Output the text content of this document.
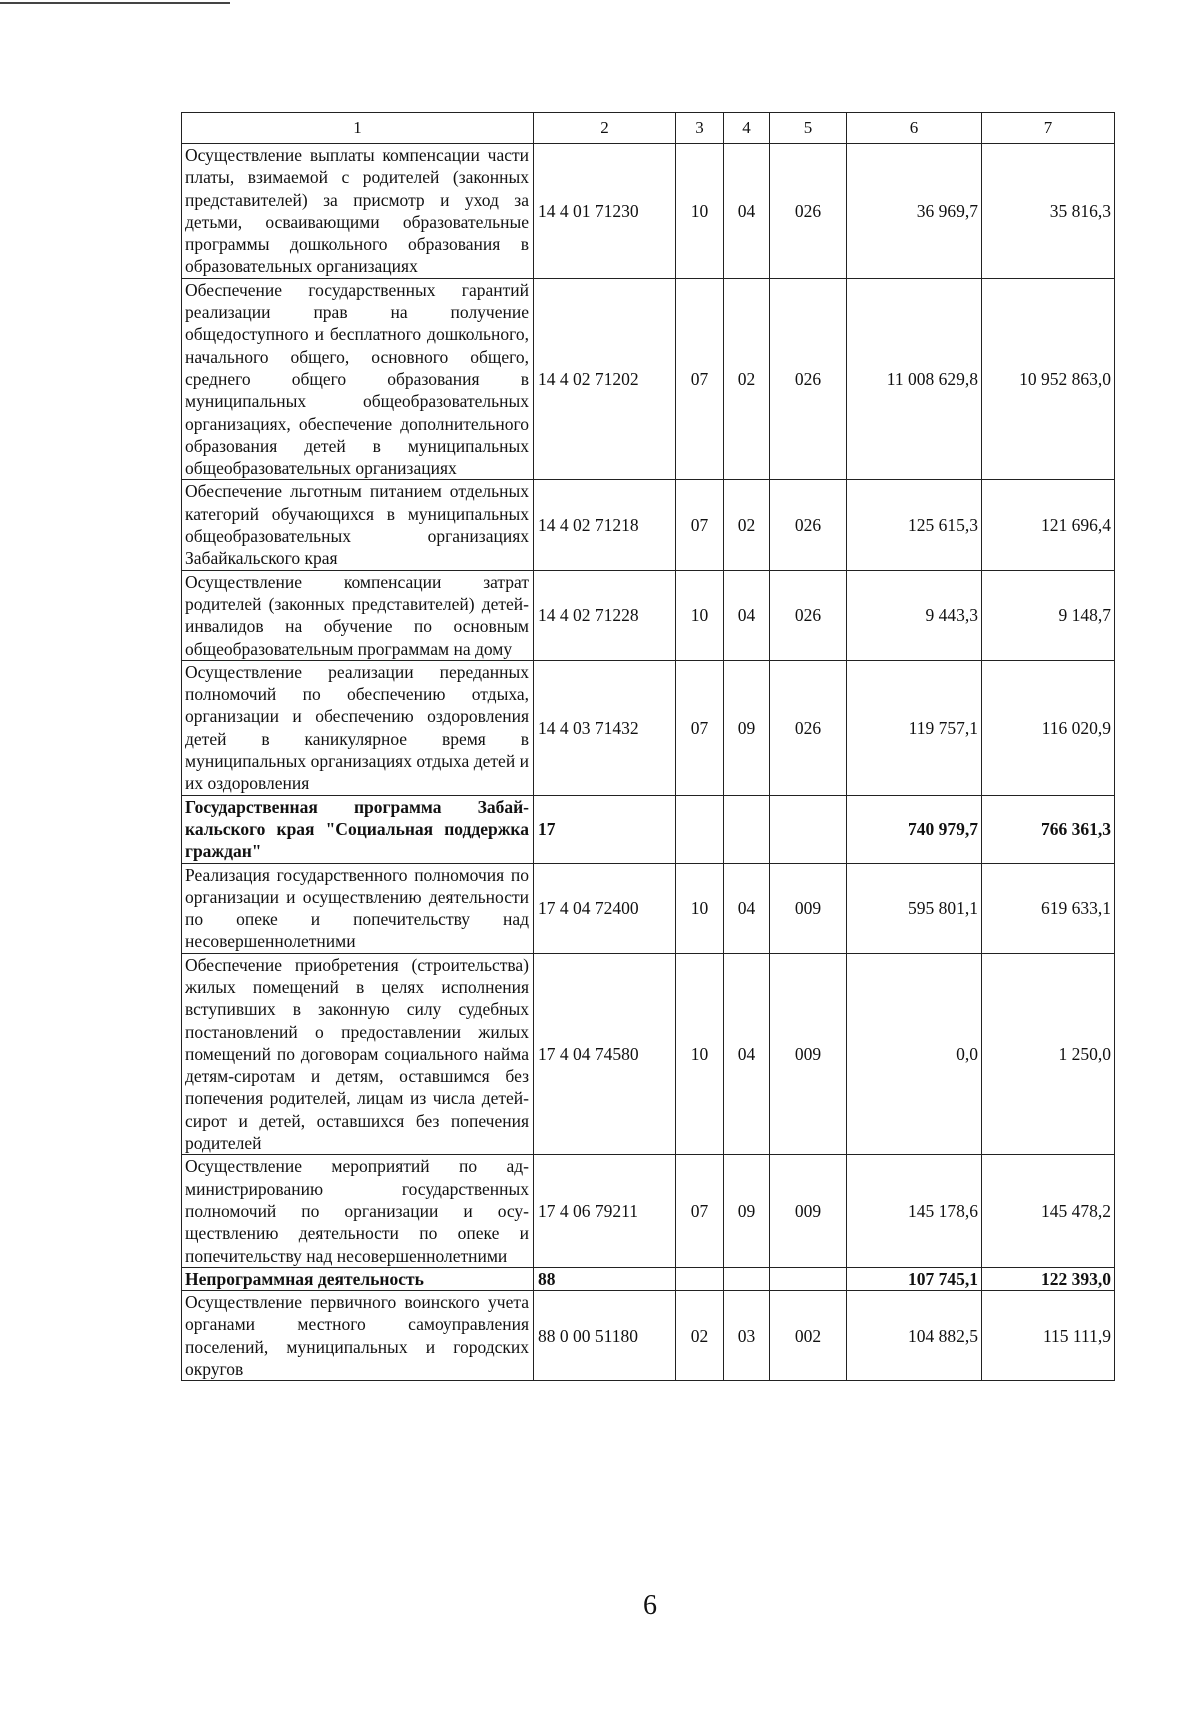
1	2	3	4	5	6	7
Осуществление выплаты компенсации части платы, взимаемой с родителей (законных представителей) за присмотр и уход за детьми, осваивающими образовательные программы дошкольного образования в образовательных организациях	14 4 01 71230	10	04	026	36 969,7	35 816,3
Обеспечение государственных гарантий реализации прав на получение общедоступного и бесплатного дошкольного, начального общего, основного общего, среднего общего образования в муниципальных общеобразовательных организациях, обеспечение дополнительного образования детей в муниципальных общеобразовательных организациях	14 4 02 71202	07	02	026	11 008 629,8	10 952 863,0
Обеспечение льготным питанием отдельных категорий обучающихся в муниципальных общеобразовательных организациях Забайкальского края	14 4 02 71218	07	02	026	125 615,3	121 696,4
Осуществление компенсации затрат родителей (законных представителей) детей-инвалидов на обучение по основным общеобразовательным программам на дому	14 4 02 71228	10	04	026	9 443,3	9 148,7
Осуществление реализации переданных полномочий по обеспечению отдыха, организации и обеспечению оздоровления детей в каникулярное время в муниципальных организациях отдыха детей и их оздоровления	14 4 03 71432	07	09	026	119 757,1	116 020,9
Государственная программа Забайкальского края "Социальная поддержка граждан"	17				740 979,7	766 361,3
Реализация государственного полномочия по организации и осуществлению деятельности по опеке и попечительству над несовершеннолетними	17 4 04 72400	10	04	009	595 801,1	619 633,1
Обеспечение приобретения (строительства) жилых помещений в целях исполнения вступивших в законную силу судебных постановлений о предоставлении жилых помещений по договорам социального найма детям-сиротам и детям, оставшимся без попечения родителей, лицам из числа детей-сирот и детей, оставшихся без попечения родителей	17 4 04 74580	10	04	009	0,0	1 250,0
Осуществление мероприятий по администрированию государственных полномочий по организации и осуществлению деятельности по опеке и попечительству над несовершеннолетними	17 4 06 79211	07	09	009	145 178,6	145 478,2
Непрограммная деятельность	88				107 745,1	122 393,0
Осуществление первичного воинского учета органами местного самоуправления поселений, муниципальных и городских округов	88 0 00 51180	02	03	002	104 882,5	115 111,9
6
